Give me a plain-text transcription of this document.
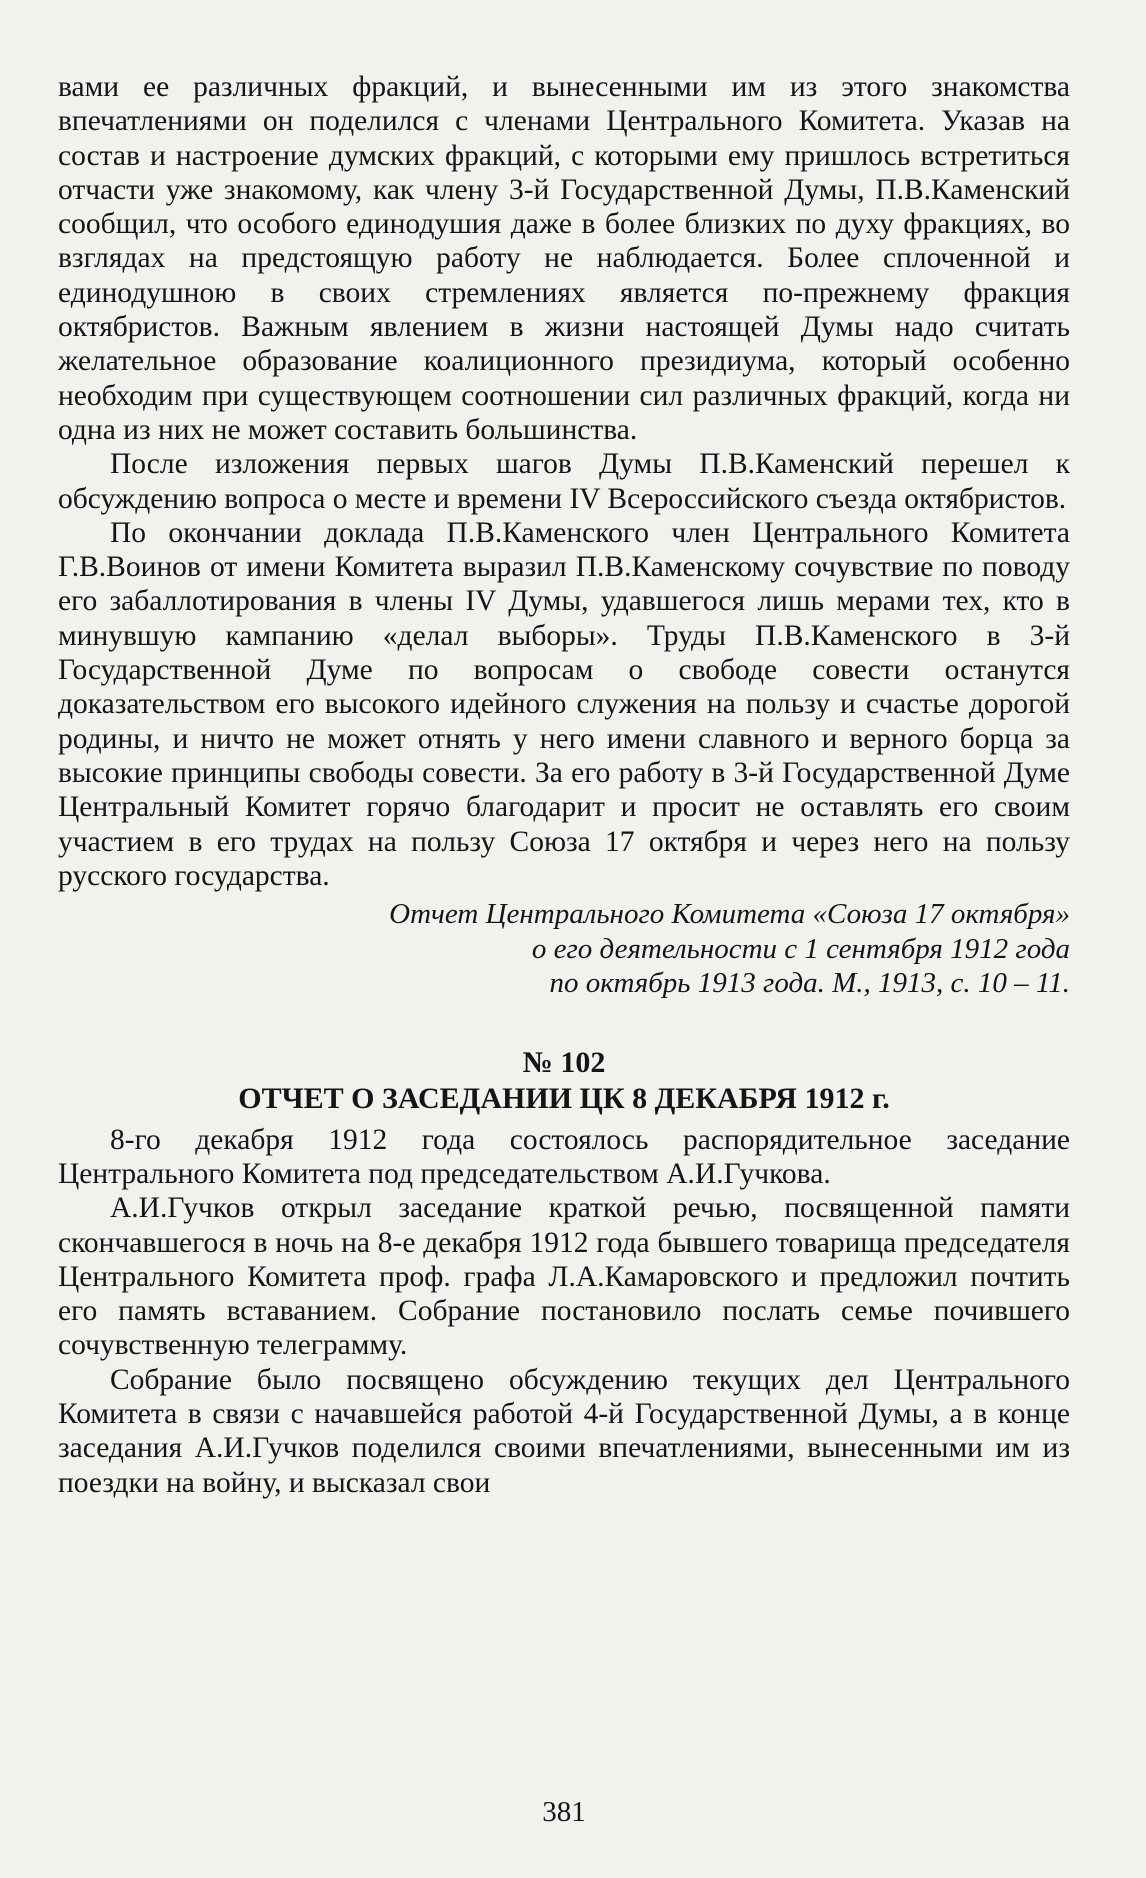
вами ее различных фракций, и вынесенными им из этого знакомства впечатлениями он поделился с членами Центрального Комитета. Указав на состав и настроение думских фракций, с которыми ему пришлось встретиться отчасти уже знакомому, как члену 3-й Государственной Думы, П.В.Каменский сообщил, что особого единодушия даже в более близких по духу фракциях, во взглядах на предстоящую работу не наблюдается. Более сплоченной и единодушною в своих стремлениях является по-прежнему фракция октябристов. Важным явлением в жизни настоящей Думы надо считать желательное образование коалиционного президиума, который особенно необходим при существующем соотношении сил различных фракций, когда ни одна из них не может составить большинства.

После изложения первых шагов Думы П.В.Каменский перешел к обсуждению вопроса о месте и времени IV Всероссийского съезда октябристов.

По окончании доклада П.В.Каменского член Центрального Комитета Г.В.Воинов от имени Комитета выразил П.В.Каменскому сочувствие по поводу его забаллотирования в члены IV Думы, удавшегося лишь мерами тех, кто в минувшую кампанию «делал выборы». Труды П.В.Каменского в 3-й Государственной Думе по вопросам о свободе совести останутся доказательством его высокого идейного служения на пользу и счастье дорогой родины, и ничто не может отнять у него имени славного и верного борца за высокие принципы свободы совести. За его работу в 3-й Государственной Думе Центральный Комитет горячо благодарит и просит не оставлять его своим участием в его трудах на пользу Союза 17 октября и через него на пользу русского государства.

Отчет Центрального Комитета «Союза 17 октября»
о его деятельности с 1 сентября 1912 года
по октябрь 1913 года. М., 1913, с. 10 – 11.
№ 102
ОТЧЕТ О ЗАСЕДАНИИ ЦК 8 ДЕКАБРЯ 1912 г.

8-го декабря 1912 года состоялось распорядительное заседание Центрального Комитета под председательством А.И.Гучкова.

А.И.Гучков открыл заседание краткой речью, посвященной памяти скончавшегося в ночь на 8-е декабря 1912 года бывшего товарища председателя Центрального Комитета проф. графа Л.А.Камаровского и предложил почтить его память вставанием. Собрание постановило послать семье почившего сочувственную телеграмму.

Собрание было посвящено обсуждению текущих дел Центрального Комитета в связи с начавшейся работой 4-й Государственной Думы, а в конце заседания А.И.Гучков поделился своими впечатлениями, вынесенными им из поездки на войну, и высказал свои

381
